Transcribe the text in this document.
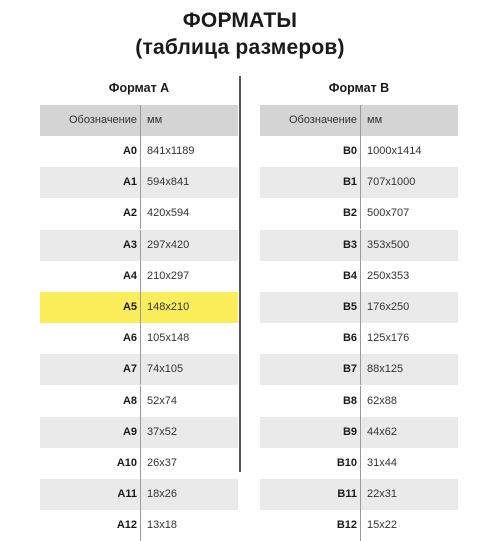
ФОРМАТЫ
(таблица размеров)
Формат A
Обозначение мм
A0 841x1189
A1 594x841
A2 420x594
A3 297x420
A4 210x297
A5 148x210
A6 105x148
A7 74x105
A8 52x74
A9 37x52
A10 26x37
A11 18x26
A12 13x18
Формат B
Обозначение мм
B0 1000x1414
B1 707x1000
B2 500x707
B3 353x500
B4 250x353
B5 176x250
B6 125x176
B7 88x125
B8 62x88
B9 44x62
B10 31x44
B11 22x31
B12 15x22
